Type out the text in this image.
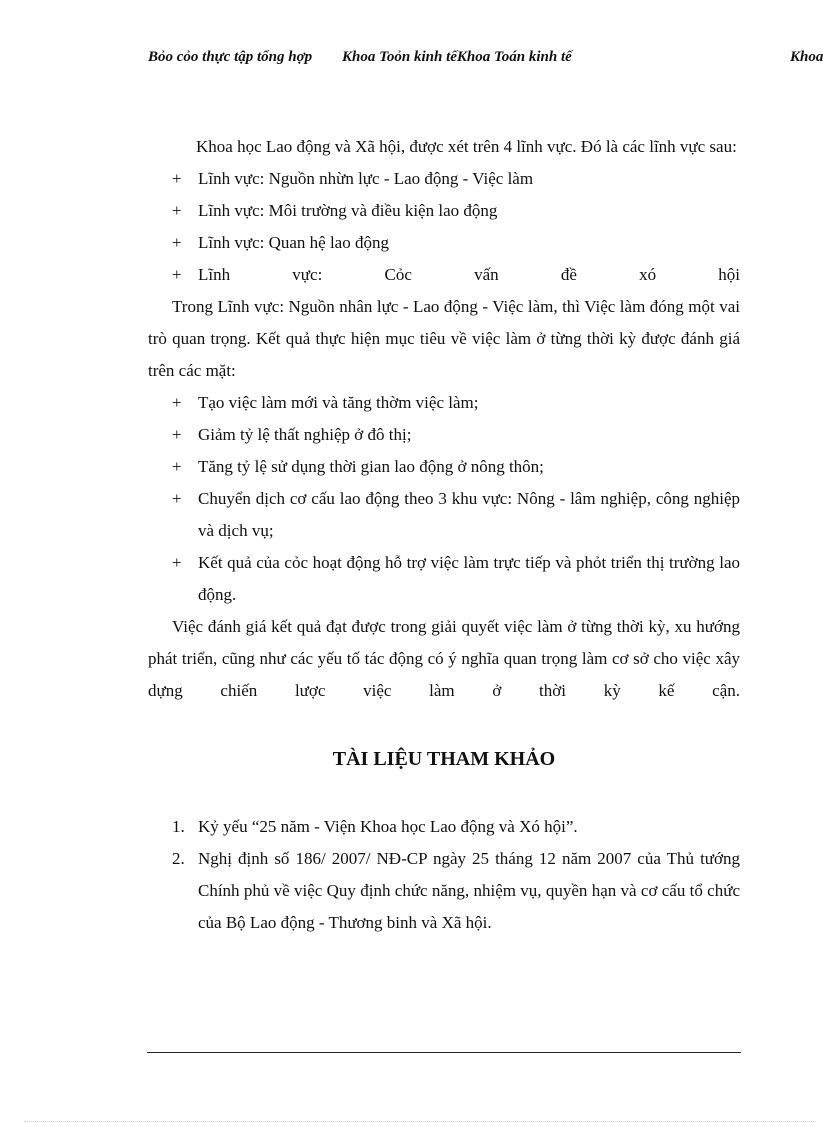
Bỏo cỏo thực tập tổng hợp Khoa Toỏn kinh tếKhoa Toán kinh tế	Khoa

Khoa học Lao động và Xã hội, được xét trên 4 lĩnh vực. Đó là các lĩnh vực sau:

+ Lĩnh vực: Nguồn nhừn lực - Lao động - Việc làm
+ Lĩnh vực: Môi trường và điều kiện lao động
+ Lĩnh vực: Quan hệ lao động
+ Lĩnh vực: Cỏc vấn đề xó hội

Trong Lĩnh vực: Nguồn nhân lực - Lao động - Việc làm, thì Việc làm đóng một vai trò quan trọng. Kết quả thực hiện mục tiêu về việc làm ở từng thời kỳ được đánh giá trên các mặt:

+ Tạo việc làm mới và tăng thờm việc làm;
+ Giảm tỷ lệ thất nghiệp ở đô thị;
+ Tăng tỷ lệ sử dụng thời gian lao động ở nông thôn;
+ Chuyển dịch cơ cấu lao động theo 3 khu vực: Nông - lâm nghiệp, công nghiệp và dịch vụ;
+ Kết quả của cỏc hoạt động hỗ trợ việc làm trực tiếp và phỏt triển thị trường lao động.

Việc đánh giá kết quả đạt được trong giải quyết việc làm ở từng thời kỳ, xu hướng phát triển, cũng như các yếu tố tác động có ý nghĩa quan trọng làm cơ sở cho việc xây dựng chiến lược việc làm ở thời kỳ kế cận.

TÀI LIỆU THAM KHẢO
1. Kỷ yếu “25 năm - Viện Khoa học Lao động và Xó hội”.
2. Nghị định số 186/ 2007/ NĐ-CP ngày 25 tháng 12 năm 2007 của Thủ tướng Chính phủ về việc Quy định chức năng, nhiệm vụ, quyền hạn và cơ cấu tổ chức của Bộ Lao động - Thương binh và Xã hội.
